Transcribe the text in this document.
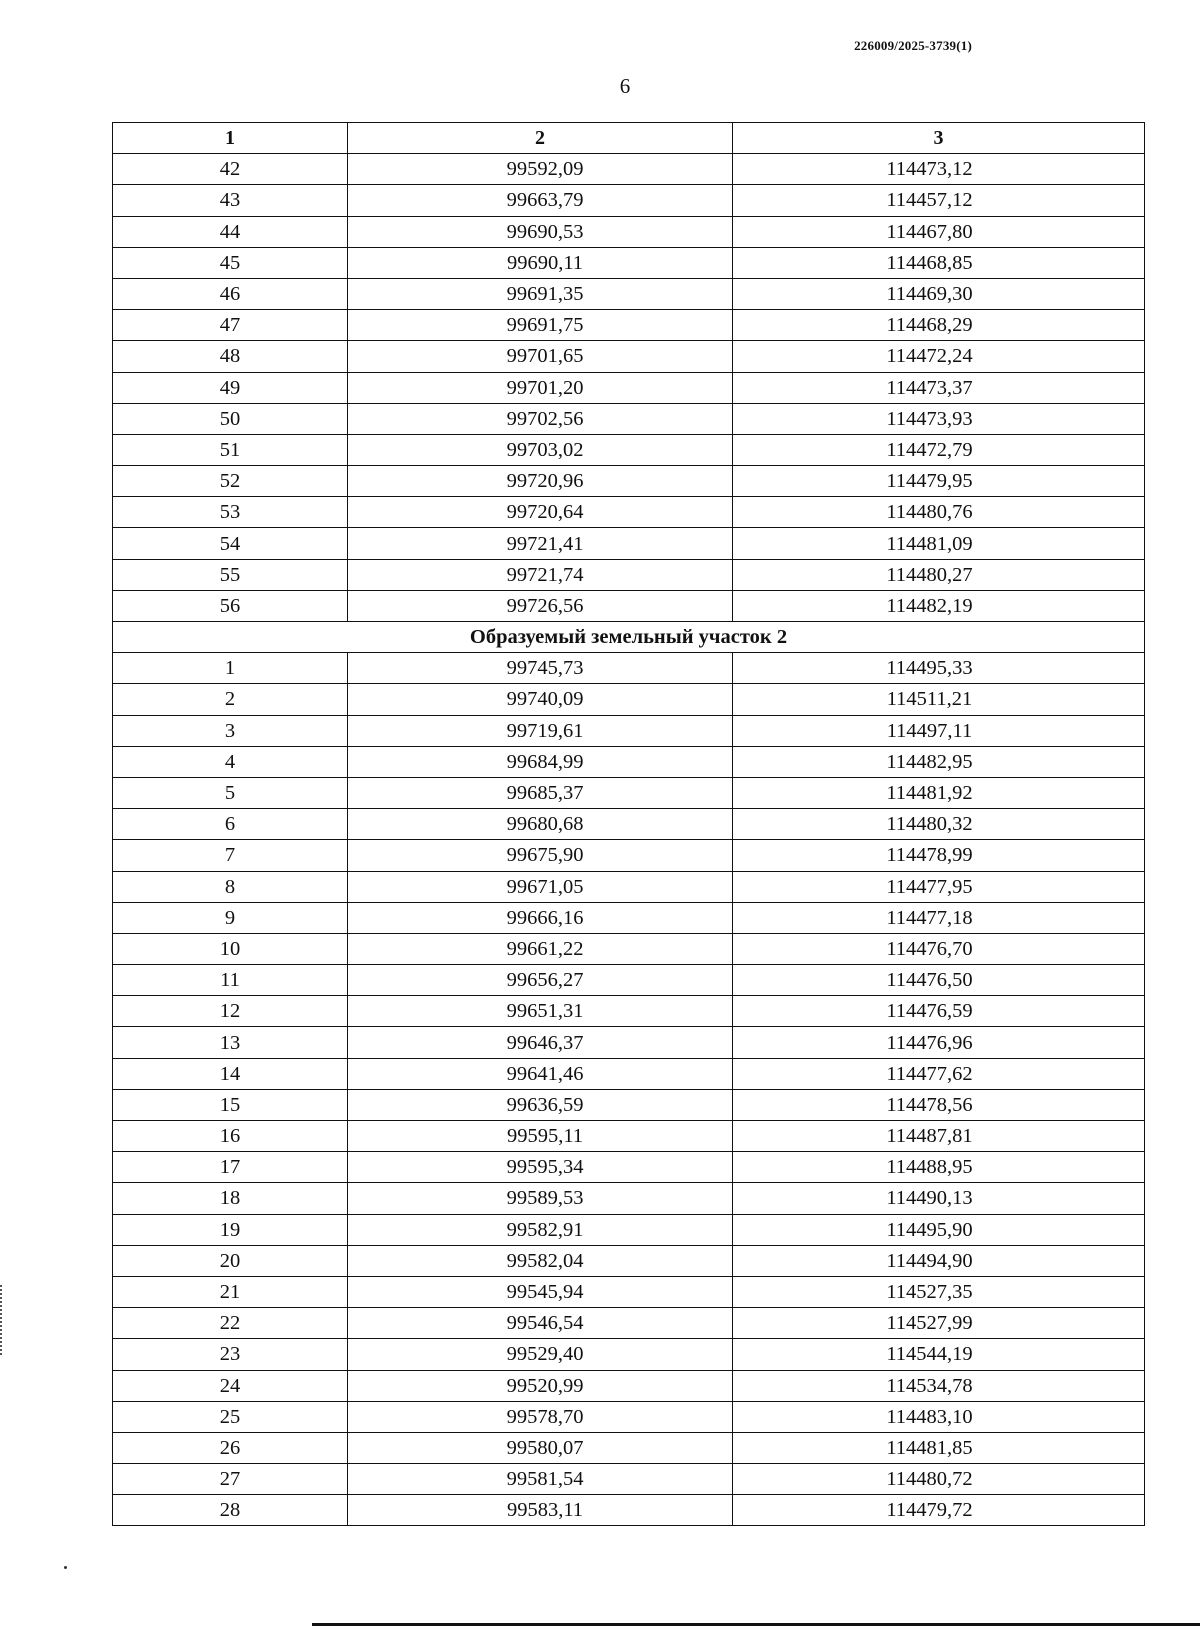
226009/2025-3739(1)
6
1	2	3
42	99592,09	114473,12
43	99663,79	114457,12
44	99690,53	114467,80
45	99690,11	114468,85
46	99691,35	114469,30
47	99691,75	114468,29
48	99701,65	114472,24
49	99701,20	114473,37
50	99702,56	114473,93
51	99703,02	114472,79
52	99720,96	114479,95
53	99720,64	114480,76
54	99721,41	114481,09
55	99721,74	114480,27
56	99726,56	114482,19
Образуемый земельный участок 2		
1	99745,73	114495,33
2	99740,09	114511,21
3	99719,61	114497,11
4	99684,99	114482,95
5	99685,37	114481,92
6	99680,68	114480,32
7	99675,90	114478,99
8	99671,05	114477,95
9	99666,16	114477,18
10	99661,22	114476,70
11	99656,27	114476,50
12	99651,31	114476,59
13	99646,37	114476,96
14	99641,46	114477,62
15	99636,59	114478,56
16	99595,11	114487,81
17	99595,34	114488,95
18	99589,53	114490,13
19	99582,91	114495,90
20	99582,04	114494,90
21	99545,94	114527,35
22	99546,54	114527,99
23	99529,40	114544,19
24	99520,99	114534,78
25	99578,70	114483,10
26	99580,07	114481,85
27	99581,54	114480,72
28	99583,11	114479,72
